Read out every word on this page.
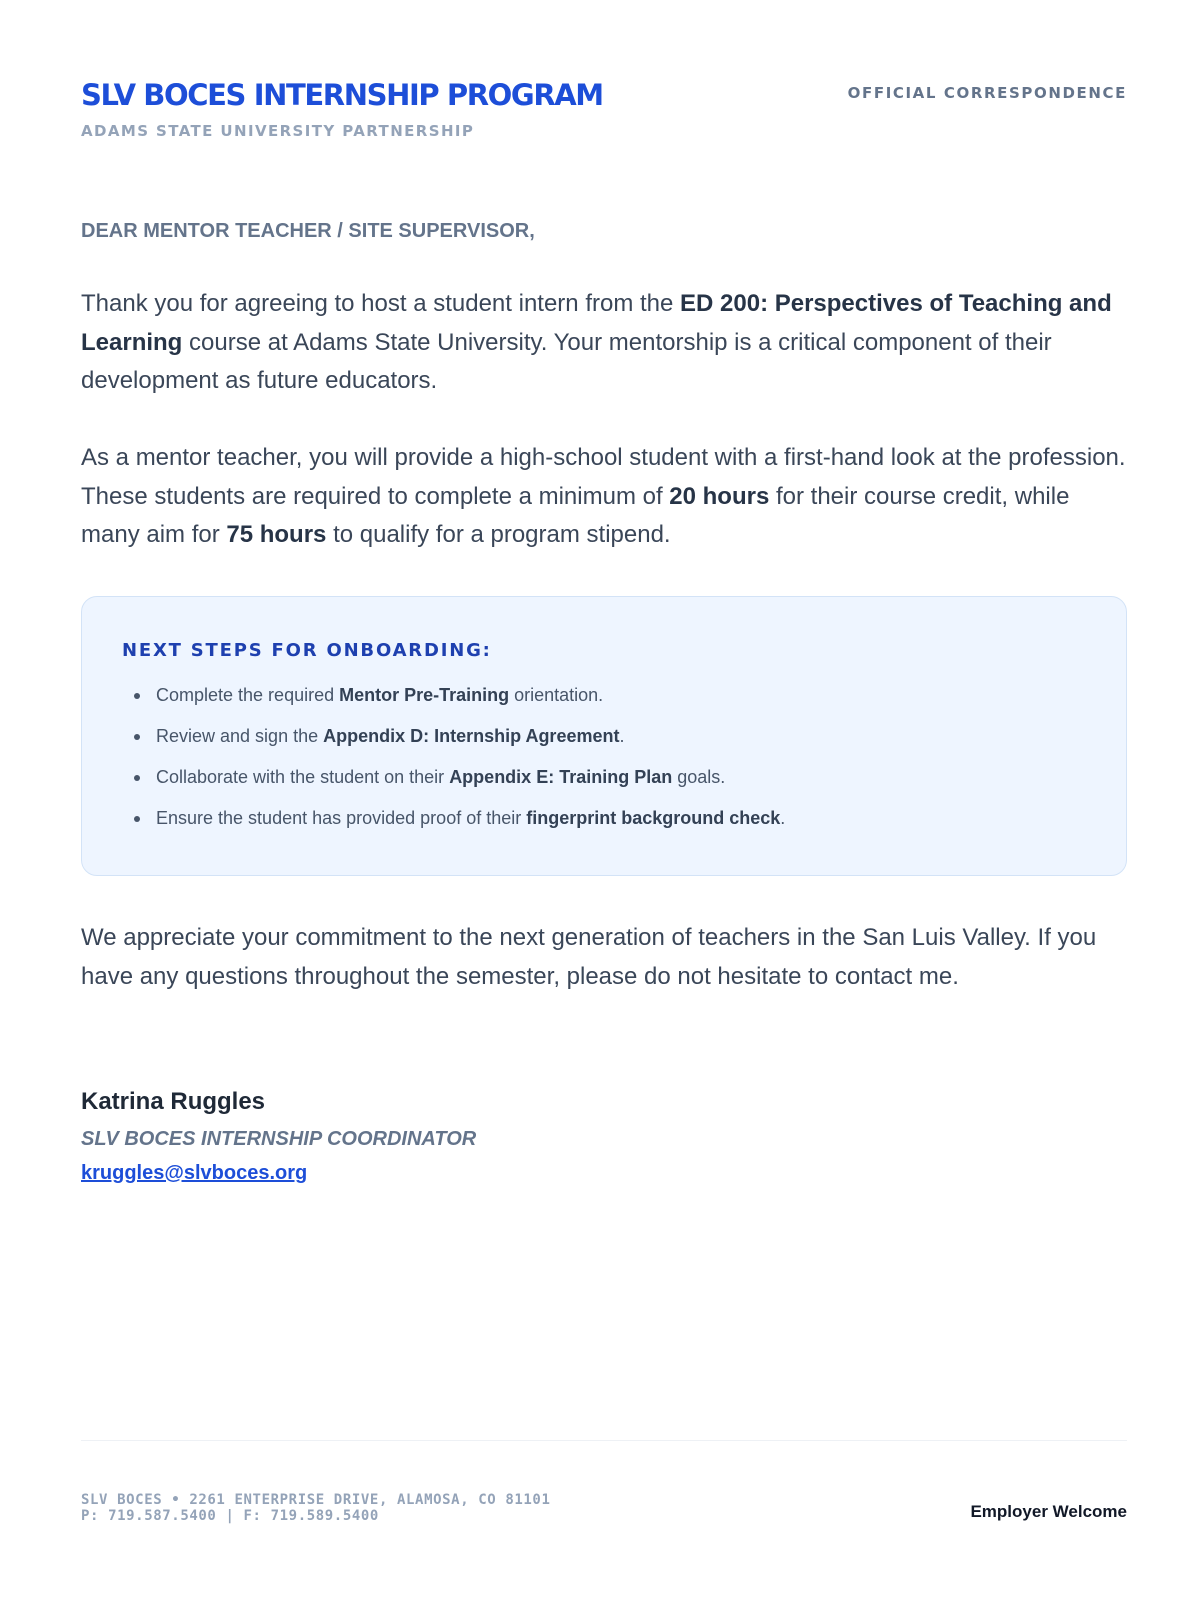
SLV BOCES INTERNSHIP PROGRAM
ADAMS STATE UNIVERSITY PARTNERSHIP
OFFICIAL CORRESPONDENCE
DEAR MENTOR TEACHER / SITE SUPERVISOR,

Thank you for agreeing to host a student intern from the ED 200: Perspectives of Teaching and Learning course at Adams State University. Your mentorship is a critical component of their development as future educators.

As a mentor teacher, you will provide a high-school student with a first-hand look at the profession. These students are required to complete a minimum of 20 hours for their course credit, while many aim for 75 hours to qualify for a program stipend.

NEXT STEPS FOR ONBOARDING:
Complete the required Mentor Pre-Training orientation.
Review and sign the Appendix D: Internship Agreement.
Collaborate with the student on their Appendix E: Training Plan goals.
Ensure the student has provided proof of their fingerprint background check.

We appreciate your commitment to the next generation of teachers in the San Luis Valley. If you have any questions throughout the semester, please do not hesitate to contact me.

Katrina Ruggles
SLV BOCES INTERNSHIP COORDINATOR
kruggles@slvboces.org
SLV BOCES • 2261 ENTERPRISE DRIVE, ALAMOSA, CO 81101
P: 719.587.5400 | F: 719.589.5400	Employer Welcome
